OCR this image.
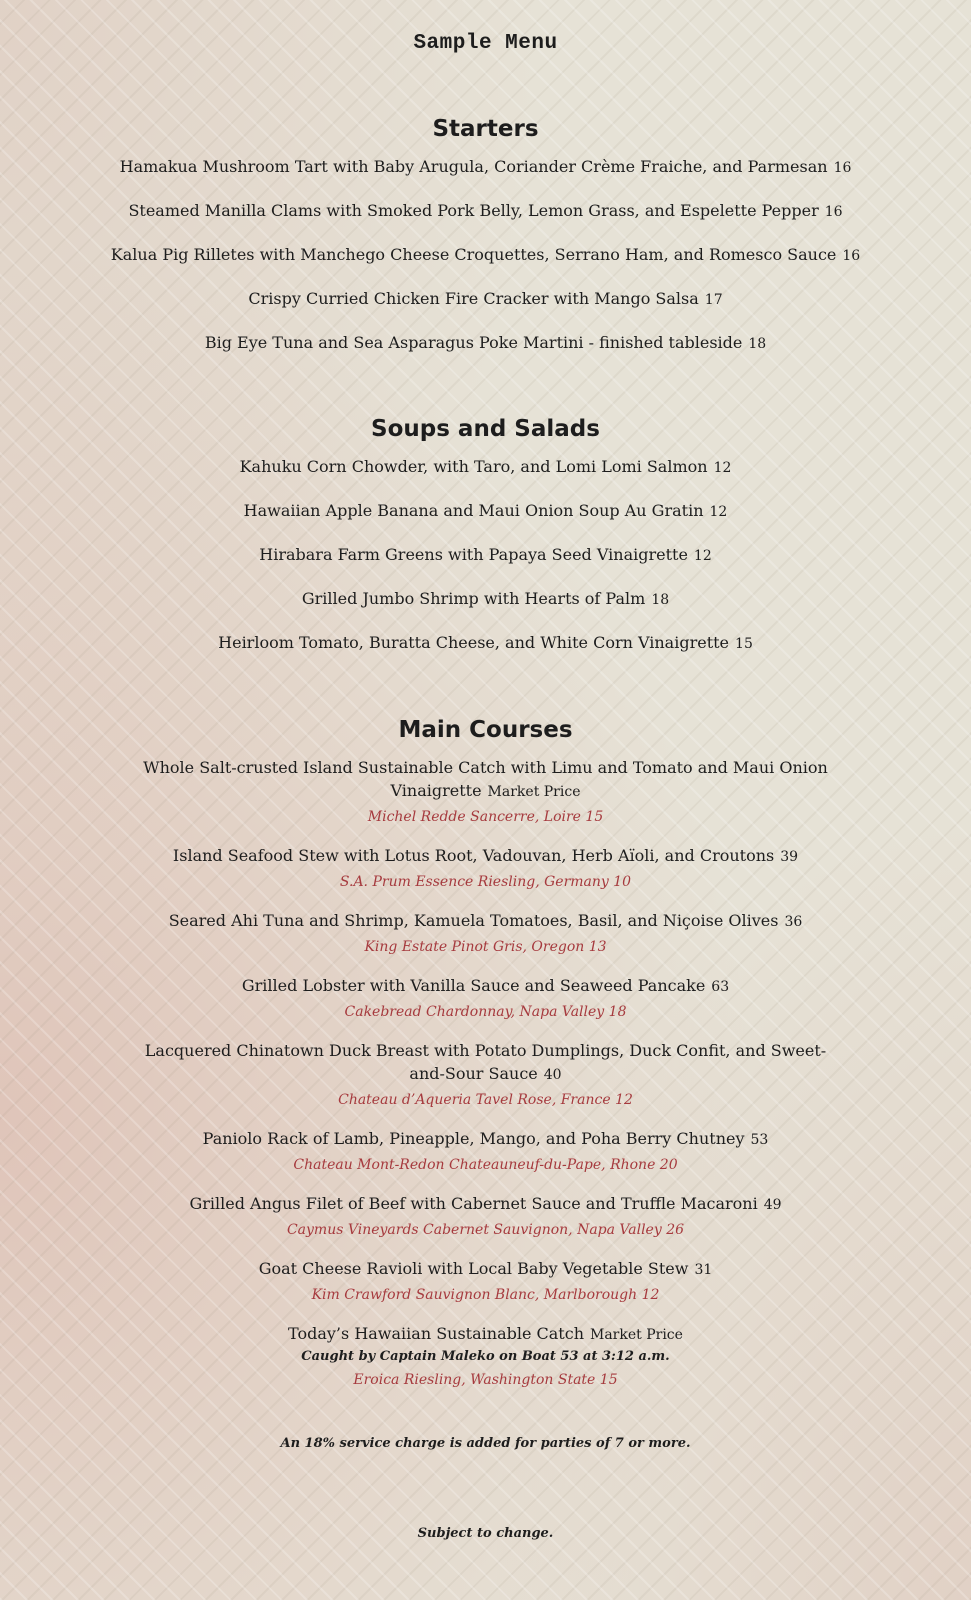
Sample Menu
Starters
Hamakua Mushroom Tart with Baby Arugula, Coriander Crème Fraiche, and Parmesan 16
Steamed Manilla Clams with Smoked Pork Belly, Lemon Grass, and Espelette Pepper 16
Kalua Pig Rilletes with Manchego Cheese Croquettes, Serrano Ham, and Romesco Sauce 16
Crispy Curried Chicken Fire Cracker with Mango Salsa 17
Big Eye Tuna and Sea Asparagus Poke Martini - finished tableside 18
Soups and Salads
Kahuku Corn Chowder, with Taro, and Lomi Lomi Salmon 12
Hawaiian Apple Banana and Maui Onion Soup Au Gratin 12
Hirabara Farm Greens with Papaya Seed Vinaigrette 12
Grilled Jumbo Shrimp with Hearts of Palm 18
Heirloom Tomato, Buratta Cheese, and White Corn Vinaigrette 15
Main Courses
Whole Salt-crusted Island Sustainable Catch with Limu and Tomato and Maui Onion Vinaigrette Market Price
Michel Redde Sancerre, Loire 15
Island Seafood Stew with Lotus Root, Vadouvan, Herb Aïoli, and Croutons 39
S.A. Prum Essence Riesling, Germany 10
Seared Ahi Tuna and Shrimp, Kamuela Tomatoes, Basil, and Niçoise Olives 36
King Estate Pinot Gris, Oregon 13
Grilled Lobster with Vanilla Sauce and Seaweed Pancake 63
Cakebread Chardonnay, Napa Valley 18
Lacquered Chinatown Duck Breast with Potato Dumplings, Duck Confit, and Sweet-and-Sour Sauce 40
Chateau d’Aqueria Tavel Rose, France 12
Paniolo Rack of Lamb, Pineapple, Mango, and Poha Berry Chutney 53
Chateau Mont-Redon Chateauneuf-du-Pape, Rhone 20
Grilled Angus Filet of Beef with Cabernet Sauce and Truffle Macaroni 49
Caymus Vineyards Cabernet Sauvignon, Napa Valley 26
Goat Cheese Ravioli with Local Baby Vegetable Stew 31
Kim Crawford Sauvignon Blanc, Marlborough 12
Today’s Hawaiian Sustainable Catch Market Price
Caught by Captain Maleko on Boat 53 at 3:12 a.m.
Eroica Riesling, Washington State 15
An 18% service charge is added for parties of 7 or more.
Subject to change.
